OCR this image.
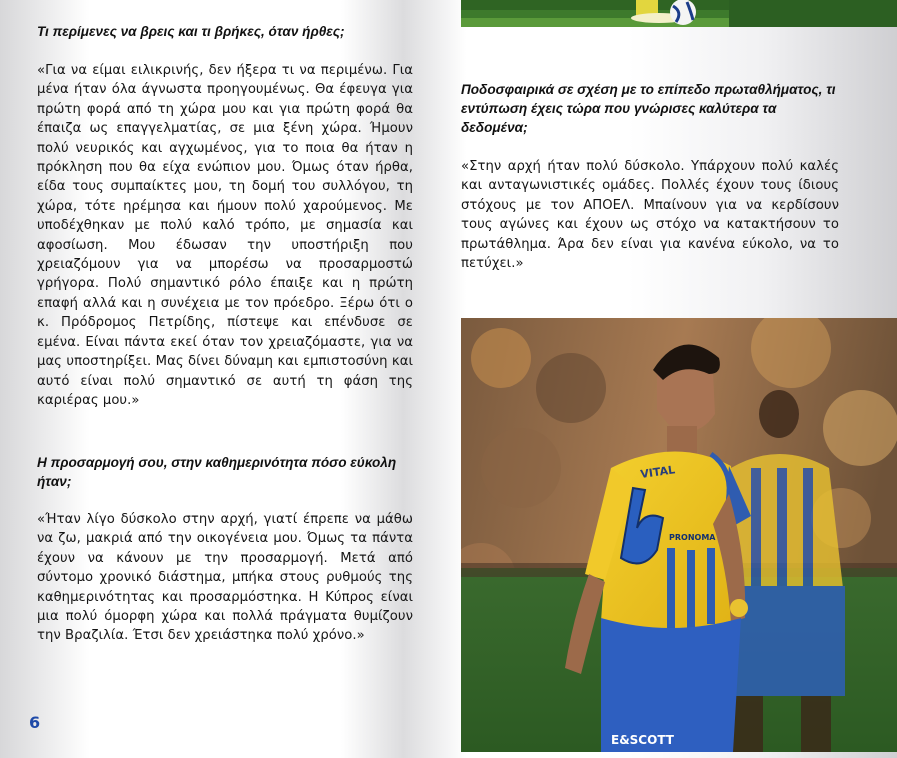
Τι περίμενες να βρεις και τι βρήκες, όταν ήρθες;
«Για να είμαι ειλικρινής, δεν ήξερα τι να περιμένω. Για μένα ήταν όλα άγνωστα προηγουμένως. Θα έφευγα για πρώτη φορά από τη χώρα μου και για πρώτη φορά θα έπαιζα ως επαγγελματίας, σε μια ξένη χώρα. Ήμουν πολύ νευρικός και αγχωμένος, για το ποια θα ήταν η πρόκληση που θα είχα ενώπιον μου. Όμως όταν ήρθα, είδα τους συμπαίκτες μου, τη δομή του συλλόγου, τη χώρα, τότε ηρέμησα και ήμουν πολύ χαρούμενος. Με υποδέχθηκαν με πολύ καλό τρόπο, με σημασία και αφοσίωση. Μου έδωσαν την υποστήριξη που χρειαζόμουν για να μπορέσω να προσαρμοστώ γρήγορα. Πολύ σημαντικό ρόλο έπαιξε και η πρώτη επαφή αλλά και η συνέχεια με τον πρόεδρο. Ξέρω ότι ο κ. Πρόδρομος Πετρίδης, πίστεψε και επένδυσε σε εμένα. Είναι πάντα εκεί όταν τον χρειαζόμαστε, για να μας υποστηρίξει. Μας δίνει δύναμη και εμπιστοσύνη και αυτό είναι πολύ σημαντικό σε αυτή τη φάση της καριέρας μου.»
Η προσαρμογή σου, στην καθημερινότητα πόσο εύκολη ήταν;
«Ήταν λίγο δύσκολο στην αρχή, γιατί έπρεπε να μάθω να ζω, μακριά από την οικογένεια μου. Όμως τα πάντα έχουν να κάνουν με την προσαρμογή. Μετά από σύντομο χρονικό διάστημα, μπήκα στους ρυθμούς της καθημερινότητας και προσαρμόστηκα. Η Κύπρος είναι μια πολύ όμορφη χώρα και πολλά πράγματα θυμίζουν την Βραζιλία. Έτσι δεν χρειάστηκα πολύ χρόνο.»
6
Ποδοσφαιρικά σε σχέση με το επίπεδο πρωταθλήματος, τι εντύπωση έχεις τώρα που γνώρισες καλύτερα τα δεδομένα;
«Στην αρχή ήταν πολύ δύσκολο. Υπάρχουν πολύ καλές και ανταγωνιστικές ομάδες. Πολλές έχουν τους ίδιους στόχους με τον ΑΠΟΕΛ. Μπαίνουν για να κερδίσουν τους αγώνες και έχουν ως στόχο να κατακτήσουν το πρωτάθλημα. Άρα δεν είναι για κανένα εύκολο, να το πετύχει.»
VITAL
PRONOMA
E&SCOTT
